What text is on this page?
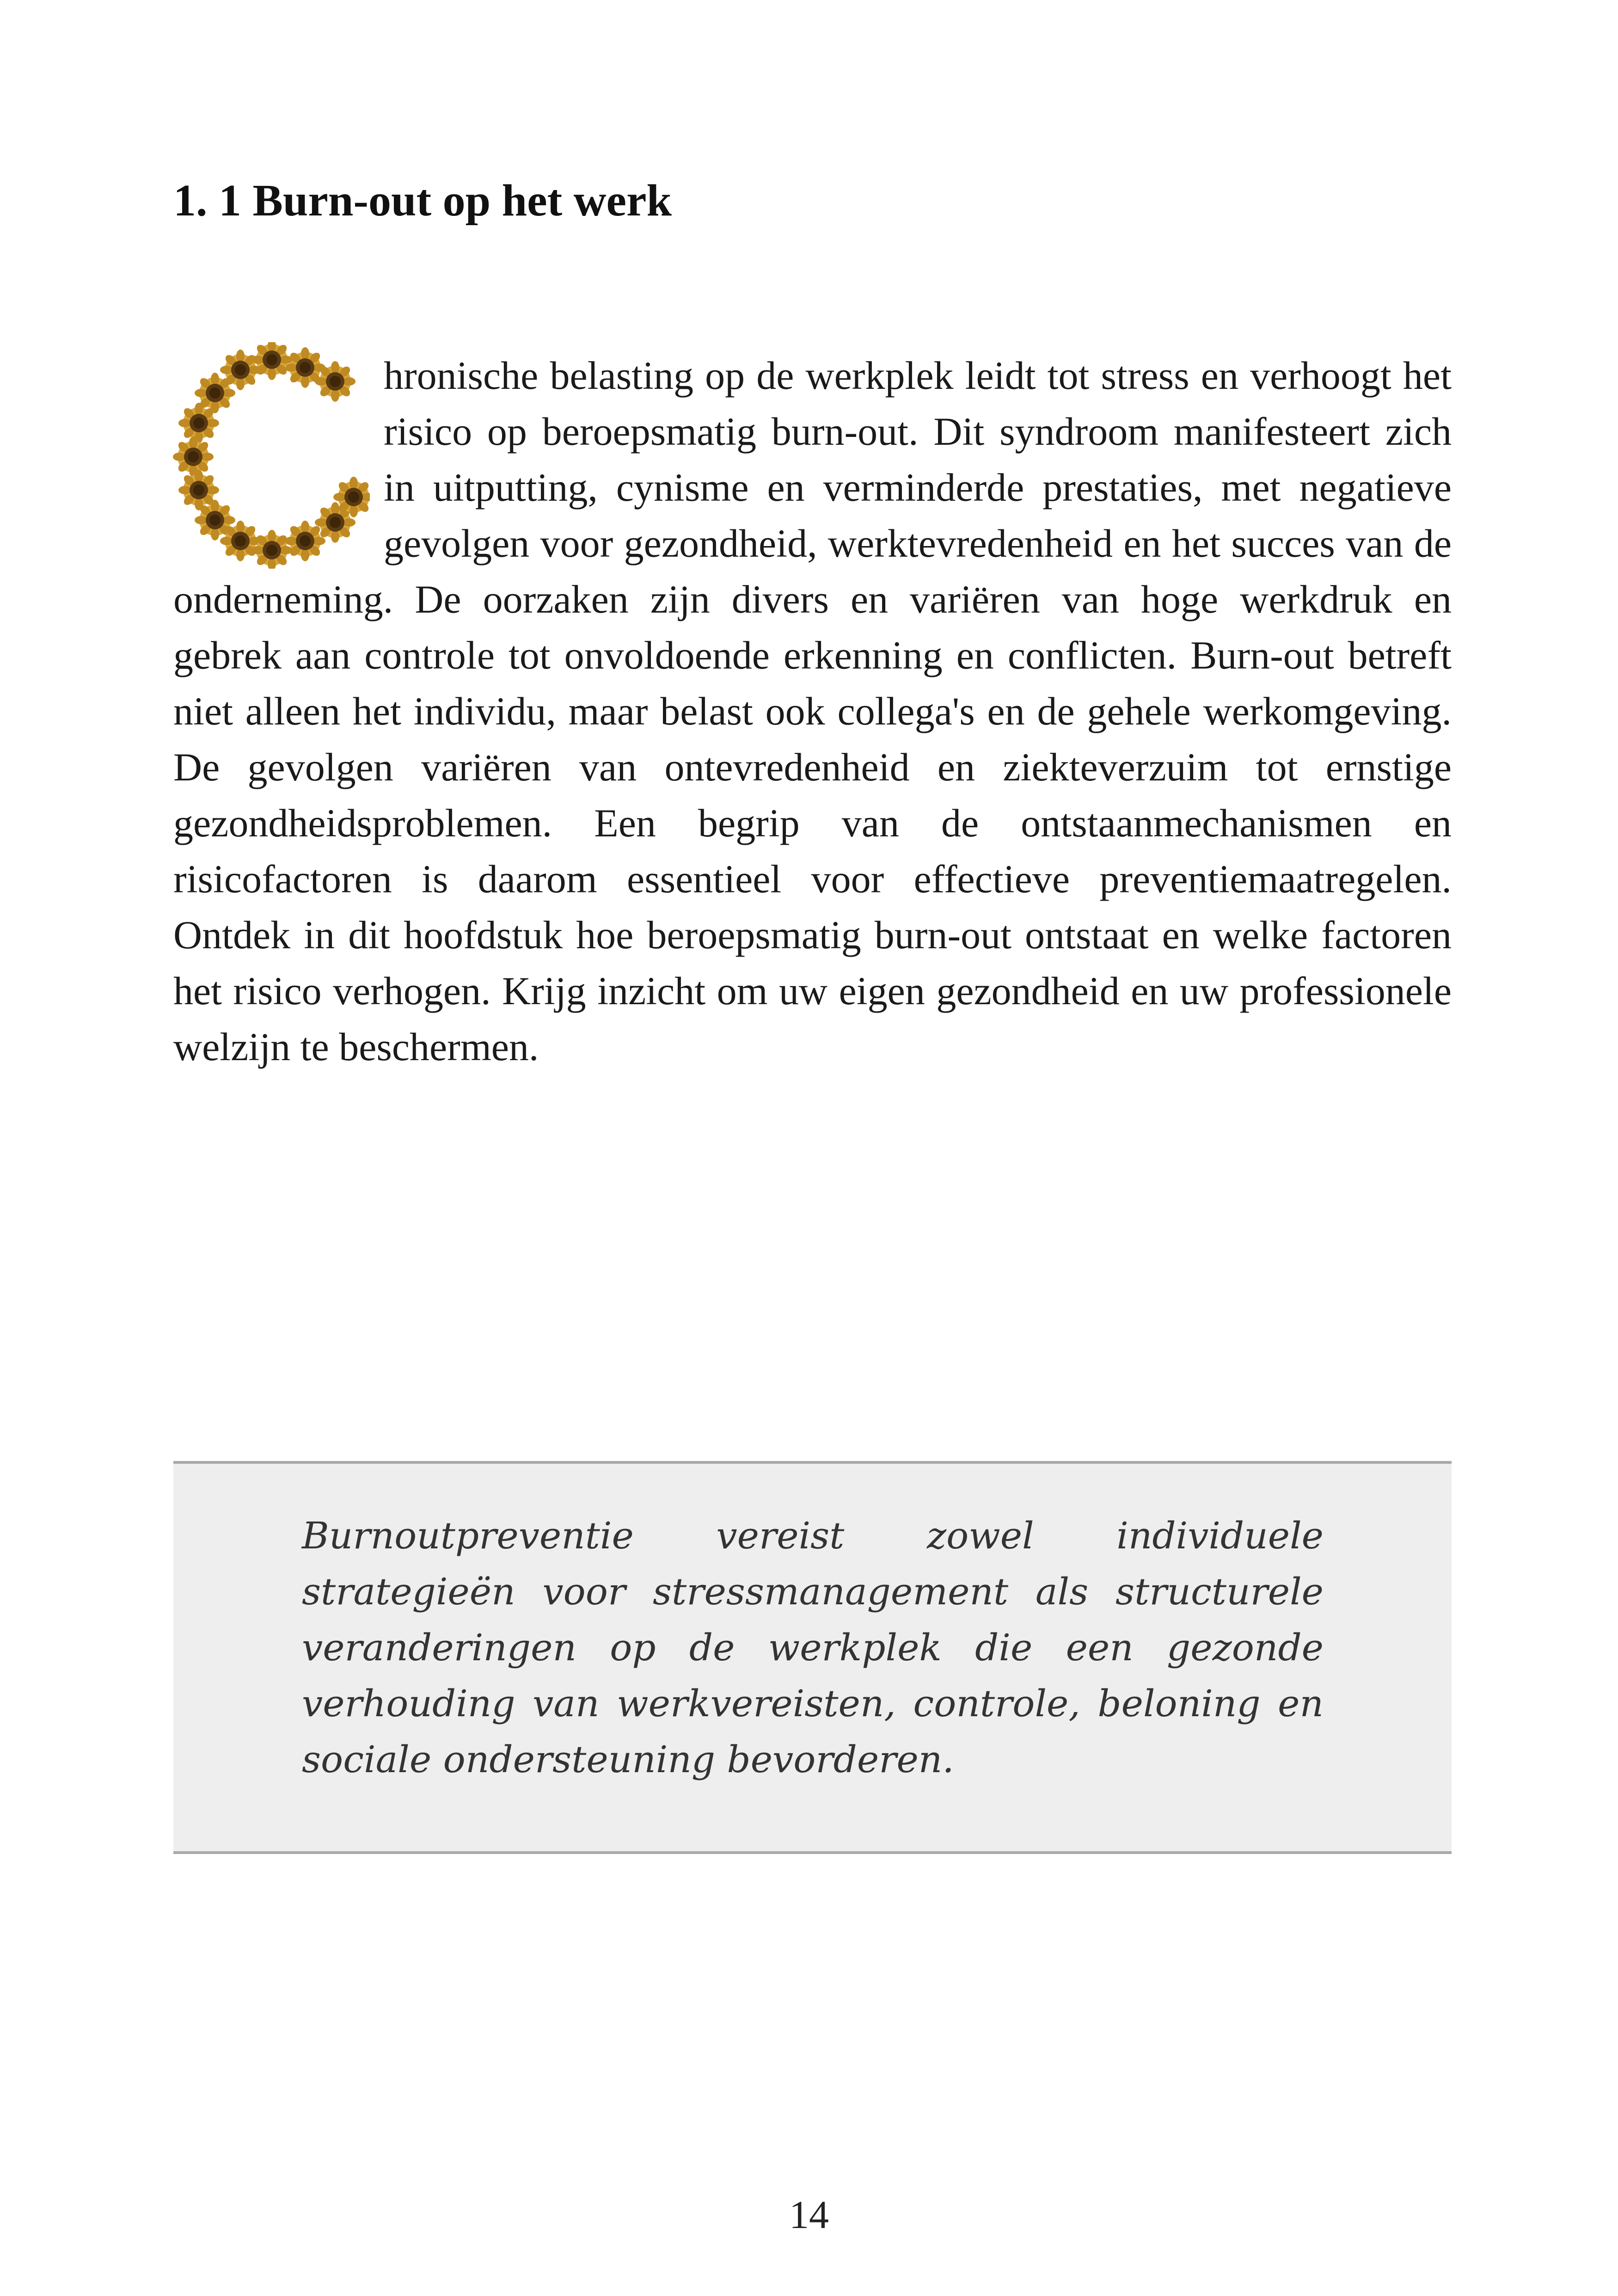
1. 1 Burn-out op het werk

hronische belasting op de werkplek leidt tot stress en verhoogt het risico op beroepsmatig burn-out. Dit syndroom manifesteert zich in uitputting, cynisme en verminderde prestaties, met negatieve gevolgen voor gezondheid, werktevredenheid en het succes van de onderneming. De oorzaken zijn divers en variëren van hoge werkdruk en gebrek aan controle tot onvoldoende erkenning en conflicten. Burn-out betreft niet alleen het individu, maar belast ook collega's en de gehele werkomgeving. De gevolgen variëren van ontevredenheid en ziekteverzuim tot ernstige gezondheidsproblemen. Een begrip van de ontstaanmechanismen en risicofactoren is daarom essentieel voor effectieve preventiemaatregelen. Ontdek in dit hoofdstuk hoe beroepsmatig burn-out ontstaat en welke factoren het risico verhogen. Krijg inzicht om uw eigen gezondheid en uw professionele welzijn te beschermen.

Burnoutpreventie vereist zowel individuele strategieën voor stressmanagement als structurele veranderingen op de werkplek die een gezonde verhouding van werkvereisten, controle, beloning en sociale ondersteuning bevorderen.

14
